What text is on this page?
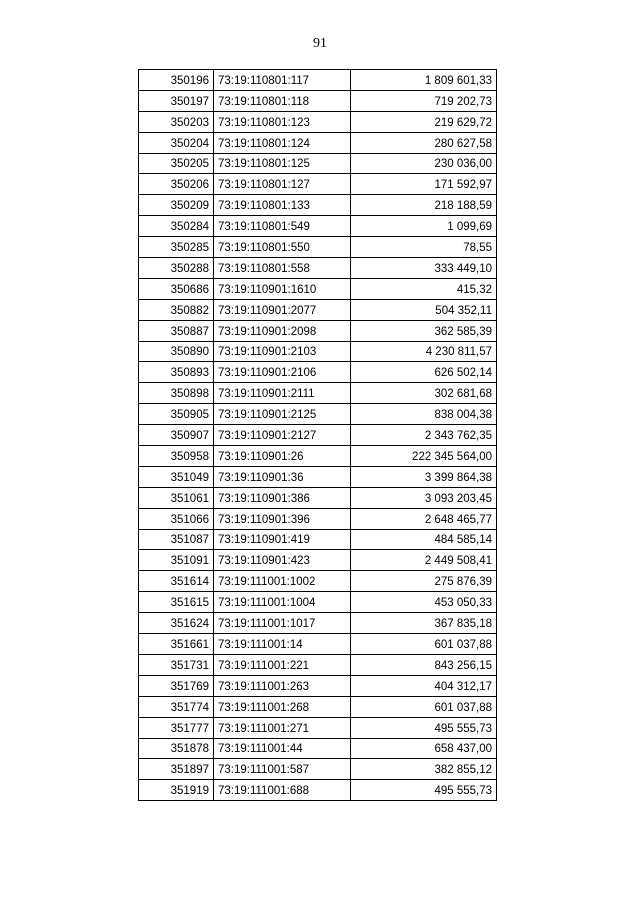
91
350196	73:19:110801:117	1 809 601,33
350197	73:19:110801:118	719 202,73
350203	73:19:110801:123	219 629,72
350204	73:19:110801:124	280 627,58
350205	73:19:110801:125	230 036,00
350206	73:19:110801:127	171 592,97
350209	73:19:110801:133	218 188,59
350284	73:19:110801:549	1 099,69
350285	73:19:110801:550	78,55
350288	73:19:110801:558	333 449,10
350686	73:19:110901:1610	415,32
350882	73:19:110901:2077	504 352,11
350887	73:19:110901:2098	362 585,39
350890	73:19:110901:2103	4 230 811,57
350893	73:19:110901:2106	626 502,14
350898	73:19:110901:2111	302 681,68
350905	73:19:110901:2125	838 004,38
350907	73:19:110901:2127	2 343 762,35
350958	73:19:110901:26	222 345 564,00
351049	73:19:110901:36	3 399 864,38
351061	73:19:110901:386	3 093 203,45
351066	73:19:110901:396	2 648 465,77
351087	73:19:110901:419	484 585,14
351091	73:19:110901:423	2 449 508,41
351614	73:19:111001:1002	275 876,39
351615	73:19:111001:1004	453 050,33
351624	73:19:111001:1017	367 835,18
351661	73:19:111001:14	601 037,88
351731	73:19:111001:221	843 256,15
351769	73:19:111001:263	404 312,17
351774	73:19:111001:268	601 037,88
351777	73:19:111001:271	495 555,73
351878	73:19:111001:44	658 437,00
351897	73:19:111001:587	382 855,12
351919	73:19:111001:688	495 555,73
